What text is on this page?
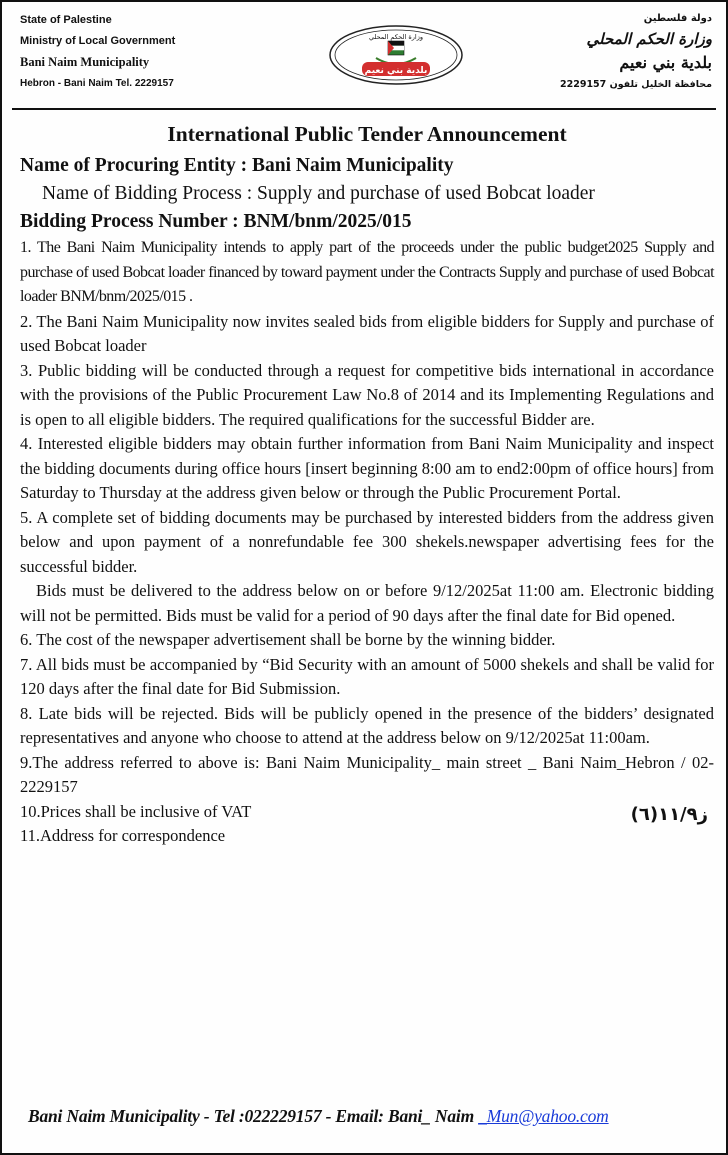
State of Palestine
Ministry of Local Government
Bani Naim Municipality
Hebron - Bani Naim Tel. 2229157
وزارة الحكم المحلي
بلدية بني نعيم
دولة فلسطين
وزارة الحكم المحلي
بلدية بني نعيم
محافظة الخليل تلفون 2229157
International Public Tender Announcement
Name of Procuring Entity : Bani Naim Municipality
Name of Bidding Process : Supply and purchase of used Bobcat loader
Bidding Process Number : BNM/bnm/2025/015

1. The Bani Naim Municipality intends to apply part of the proceeds under the public budget2025 Supply and purchase of used Bobcat loader financed by toward payment under the Contracts Supply and purchase of used Bobcat loader BNM/bnm/2025/015 .

2. The Bani Naim Municipality now invites sealed bids from eligible bidders for Supply and purchase of used Bobcat loader

3. Public bidding will be conducted through a request for competitive bids international in accordance with the provisions of the Public Procurement Law No.8 of 2014 and its Implementing Regulations and is open to all eligible bidders. The required qualifications for the successful Bidder are.

4. Interested eligible bidders may obtain further information from Bani Naim Municipality and inspect the bidding documents during office hours [insert beginning 8:00 am to end2:00pm of office hours] from Saturday to Thursday at the address given below or through the Public Procurement Portal.

5. A complete set of bidding documents may be purchased by interested bidders from the address given below and upon payment of a nonrefundable fee 300 shekels.newspaper advertising fees for the successful bidder.

Bids must be delivered to the address below on or before 9/12/2025at 11:00 am. Electronic bidding will not be permitted. Bids must be valid for a period of 90 days after the final date for Bid opened.

6. The cost of the newspaper advertisement shall be borne by the winning bidder.

7. All bids must be accompanied by “Bid Security with an amount of 5000 shekels and shall be valid for 120 days after the final date for Bid Submission.

8. Late bids will be rejected. Bids will be publicly opened in the presence of the bidders’ designated representatives and anyone who choose to attend at the address below on 9/12/2025at 11:00am.

9.The address referred to above is: Bani Naim Municipality_ main street _ Bani Naim_Hebron / 02-2229157

10.Prices shall be inclusive of VAT

11.Address for correspondence

ز١١/٩(٦)
Bani Naim Municipality - Tel :022229157 - Email: Bani_ Naim _Mun@yahoo.com
